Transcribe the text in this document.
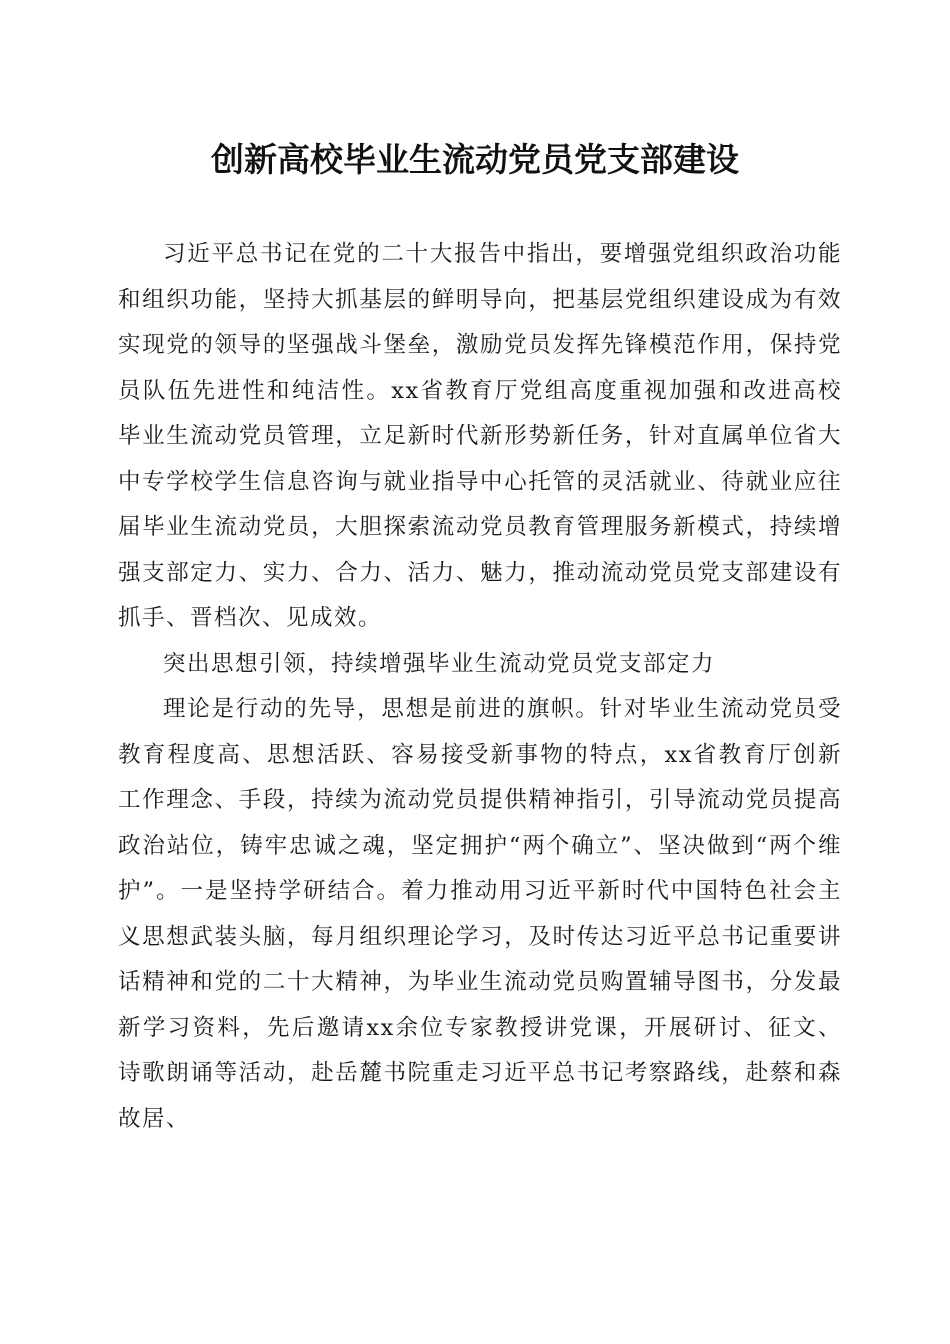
创新高校毕业生流动党员党支部建设

习近平总书记在党的二十大报告中指出，要增强党组织政治功能和组织功能，坚持大抓基层的鲜明导向，把基层党组织建设成为有效实现党的领导的坚强战斗堡垒，激励党员发挥先锋模范作用，保持党员队伍先进性和纯洁性。xx省教育厅党组高度重视加强和改进高校毕业生流动党员管理，立足新时代新形势新任务，针对直属单位省大中专学校学生信息咨询与就业指导中心托管的灵活就业、待就业应往届毕业生流动党员，大胆探索流动党员教育管理服务新模式，持续增强支部定力、实力、合力、活力、魅力，推动流动党员党支部建设有抓手、晋档次、见成效。

突出思想引领，持续增强毕业生流动党员党支部定力

理论是行动的先导，思想是前进的旗帜。针对毕业生流动党员受教育程度高、思想活跃、容易接受新事物的特点，xx省教育厅创新工作理念、手段，持续为流动党员提供精神指引，引导流动党员提高政治站位，铸牢忠诚之魂，坚定拥护“两个确立”、坚决做到“两个维护”。一是坚持学研结合。着力推动用习近平新时代中国特色社会主义思想武装头脑，每月组织理论学习，及时传达习近平总书记重要讲话精神和党的二十大精神，为毕业生流动党员购置辅导图书，分发最新学习资料，先后邀请xx余位专家教授讲党课，开展研讨、征文、诗歌朗诵等活动，赴岳麓书院重走习近平总书记考察路线，赴蔡和森故居、
